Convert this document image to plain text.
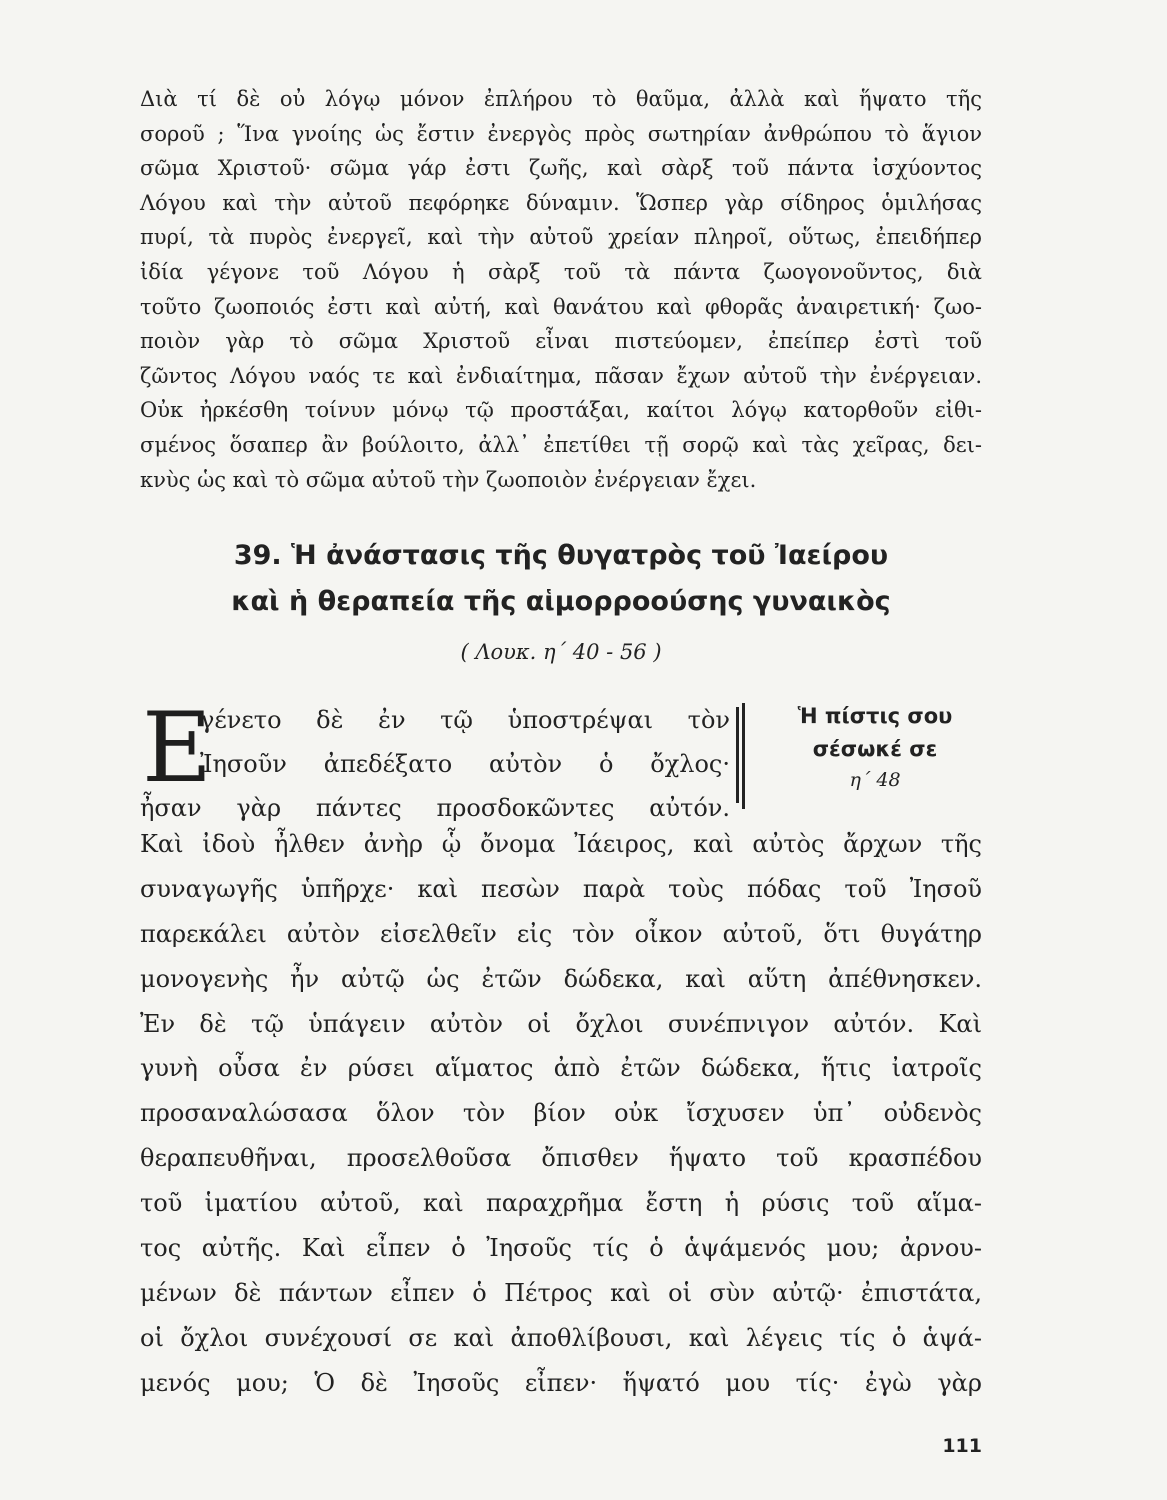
Διὰ τί δὲ οὐ λόγῳ μόνον ἐπλήρου τὸ θαῦμα, ἀλλὰ καὶ ἥψατο τῆς
σοροῦ ; Ἵνα γνοίης ὡς ἔστιν ἐνεργὸς πρὸς σωτηρίαν ἀνθρώπου τὸ ἅγιον
σῶμα Χριστοῦ· σῶμα γάρ ἐστι ζωῆς, καὶ σὰρξ τοῦ πάντα ἰσχύοντος
Λόγου καὶ τὴν αὐτοῦ πεφόρηκε δύναμιν. Ὥσπερ γὰρ σίδηρος ὁμιλήσας
πυρί, τὰ πυρὸς ἐνεργεῖ, καὶ τὴν αὐτοῦ χρείαν πληροῖ, οὕτως, ἐπειδήπερ
ἰδία γέγονε τοῦ Λόγου ἡ σὰρξ τοῦ τὰ πάντα ζωογονοῦντος, διὰ
τοῦτο ζωοποιός ἐστι καὶ αὐτή, καὶ θανάτου καὶ φθορᾶς ἀναιρετική· ζωο-
ποιὸν γὰρ τὸ σῶμα Χριστοῦ εἶναι πιστεύομεν, ἐπείπερ ἐστὶ τοῦ
ζῶντος Λόγου ναός τε καὶ ἐνδιαίτημα, πᾶσαν ἔχων αὐτοῦ τὴν ἐνέργειαν.
Οὐκ ἠρκέσθη τοίνυν μόνῳ τῷ προστάξαι, καίτοι λόγῳ κατορθοῦν εἰθι-
σμένος ὅσαπερ ἂν βούλοιτο, ἀλλ᾽ ἐπετίθει τῇ σορῷ καὶ τὰς χεῖρας, δει-
κνὺς ὡς καὶ τὸ σῶμα αὐτοῦ τὴν ζωοποιὸν ἐνέργειαν ἔχει.
39. Ἡ ἀνάστασις τῆς θυγατρὸς τοῦ Ἰαείρου
καὶ ἡ θεραπεία τῆς αἱμορροούσης γυναικὸς
( Λουκ. η΄ 40 - 56 )
Ε
γένετο δὲ ἐν τῷ ὑποστρέψαι τὸν
Ἰησοῦν ἀπεδέξατο αὐτὸν ὁ ὄχλος·
ἦσαν γὰρ πάντες προσδοκῶντες αὐτόν.
Ἡ πίστις σου
σέσωκέ σε
η΄ 48
Καὶ ἰδοὺ ἦλθεν ἀνὴρ ᾧ ὄνομα Ἰάειρος, καὶ αὐτὸς ἄρχων τῆς
συναγωγῆς ὑπῆρχε· καὶ πεσὼν παρὰ τοὺς πόδας τοῦ Ἰησοῦ
παρεκάλει αὐτὸν εἰσελθεῖν εἰς τὸν οἶκον αὐτοῦ, ὅτι θυγάτηρ
μονογενὴς ἦν αὐτῷ ὡς ἐτῶν δώδεκα, καὶ αὕτη ἀπέθνησκεν.
Ἐν δὲ τῷ ὑπάγειν αὐτὸν οἱ ὄχλοι συνέπνιγον αὐτόν. Καὶ
γυνὴ οὖσα ἐν ρύσει αἵματος ἀπὸ ἐτῶν δώδεκα, ἥτις ἰατροῖς
προσαναλώσασα ὅλον τὸν βίον οὐκ ἴσχυσεν ὑπ᾽ οὐδενὸς
θεραπευθῆναι, προσελθοῦσα ὄπισθεν ἥψατο τοῦ κρασπέδου
τοῦ ἱματίου αὐτοῦ, καὶ παραχρῆμα ἔστη ἡ ρύσις τοῦ αἵμα-
τος αὐτῆς. Καὶ εἶπεν ὁ Ἰησοῦς τίς ὁ ἁψάμενός μου; ἀρνου-
μένων δὲ πάντων εἶπεν ὁ Πέτρος καὶ οἱ σὺν αὐτῷ· ἐπιστάτα,
οἱ ὄχλοι συνέχουσί σε καὶ ἀποθλίβουσι, καὶ λέγεις τίς ὁ ἁψά-
μενός μου; Ὁ δὲ Ἰησοῦς εἶπεν· ἥψατό μου τίς· ἐγὼ γὰρ
111
